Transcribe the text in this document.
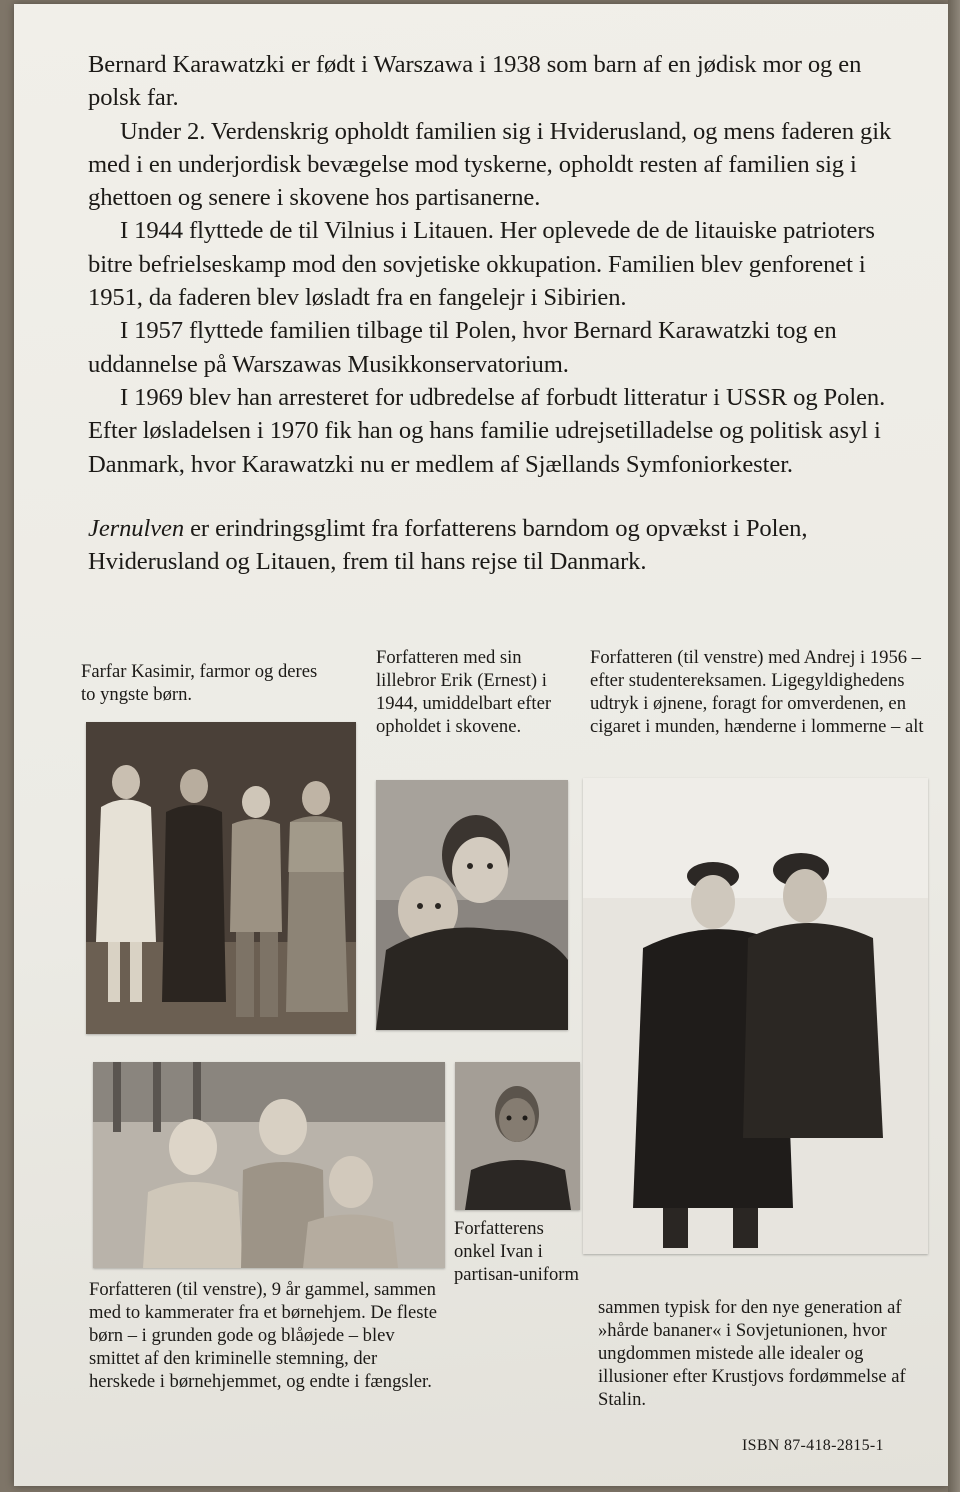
Bernard Karawatzki er født i Warszawa i 1938 som barn af en jødisk mor og en polsk far.

Under 2. Verdenskrig opholdt familien sig i Hviderusland, og mens faderen gik med i en underjordisk bevægelse mod tyskerne, opholdt resten af familien sig i ghettoen og senere i skovene hos partisanerne.

I 1944 flyttede de til Vilnius i Litauen. Her oplevede de de litauiske patrioters bitre befrielseskamp mod den sovjetiske okkupation. Familien blev genforenet i 1951, da faderen blev løsladt fra en fangelejr i Sibirien.

I 1957 flyttede familien tilbage til Polen, hvor Bernard Karawatzki tog en uddannelse på Warszawas Musikkonservatorium.

I 1969 blev han arresteret for udbredelse af forbudt litteratur i USSR og Polen. Efter løsladelsen i 1970 fik han og hans familie udrejsetilladelse og politisk asyl i Danmark, hvor Karawatzki nu er medlem af Sjællands Symfoniorkester.

Jernulven er erindringsglimt fra forfatterens barndom og opvækst i Polen, Hviderusland og Litauen, frem til hans rejse til Danmark.

Farfar Kasimir, farmor og deres to yngste børn.
Forfatteren med sin lillebror Erik (Ernest) i 1944, umiddelbart efter opholdet i skovene.
Forfatteren (til venstre) med Andrej i 1956 – efter studentereksamen. Ligegyldighedens udtryk i øjnene, foragt for omverdenen, en cigaret i munden, hænderne i lommerne – alt
sammen typisk for den nye generation af »hårde bananer« i Sovjetunionen, hvor ungdommen mistede alle idealer og illusioner efter Krustjovs fordømmelse af Stalin.
Forfatterens onkel Ivan i partisan-uniform
Forfatteren (til venstre), 9 år gammel, sammen med to kammerater fra et børnehjem. De fleste børn – i grunden gode og blåøjede – blev smittet af den kriminelle stemning, der herskede i børnehjemmet, og endte i fængsler.
ISBN 87-418-2815-1
